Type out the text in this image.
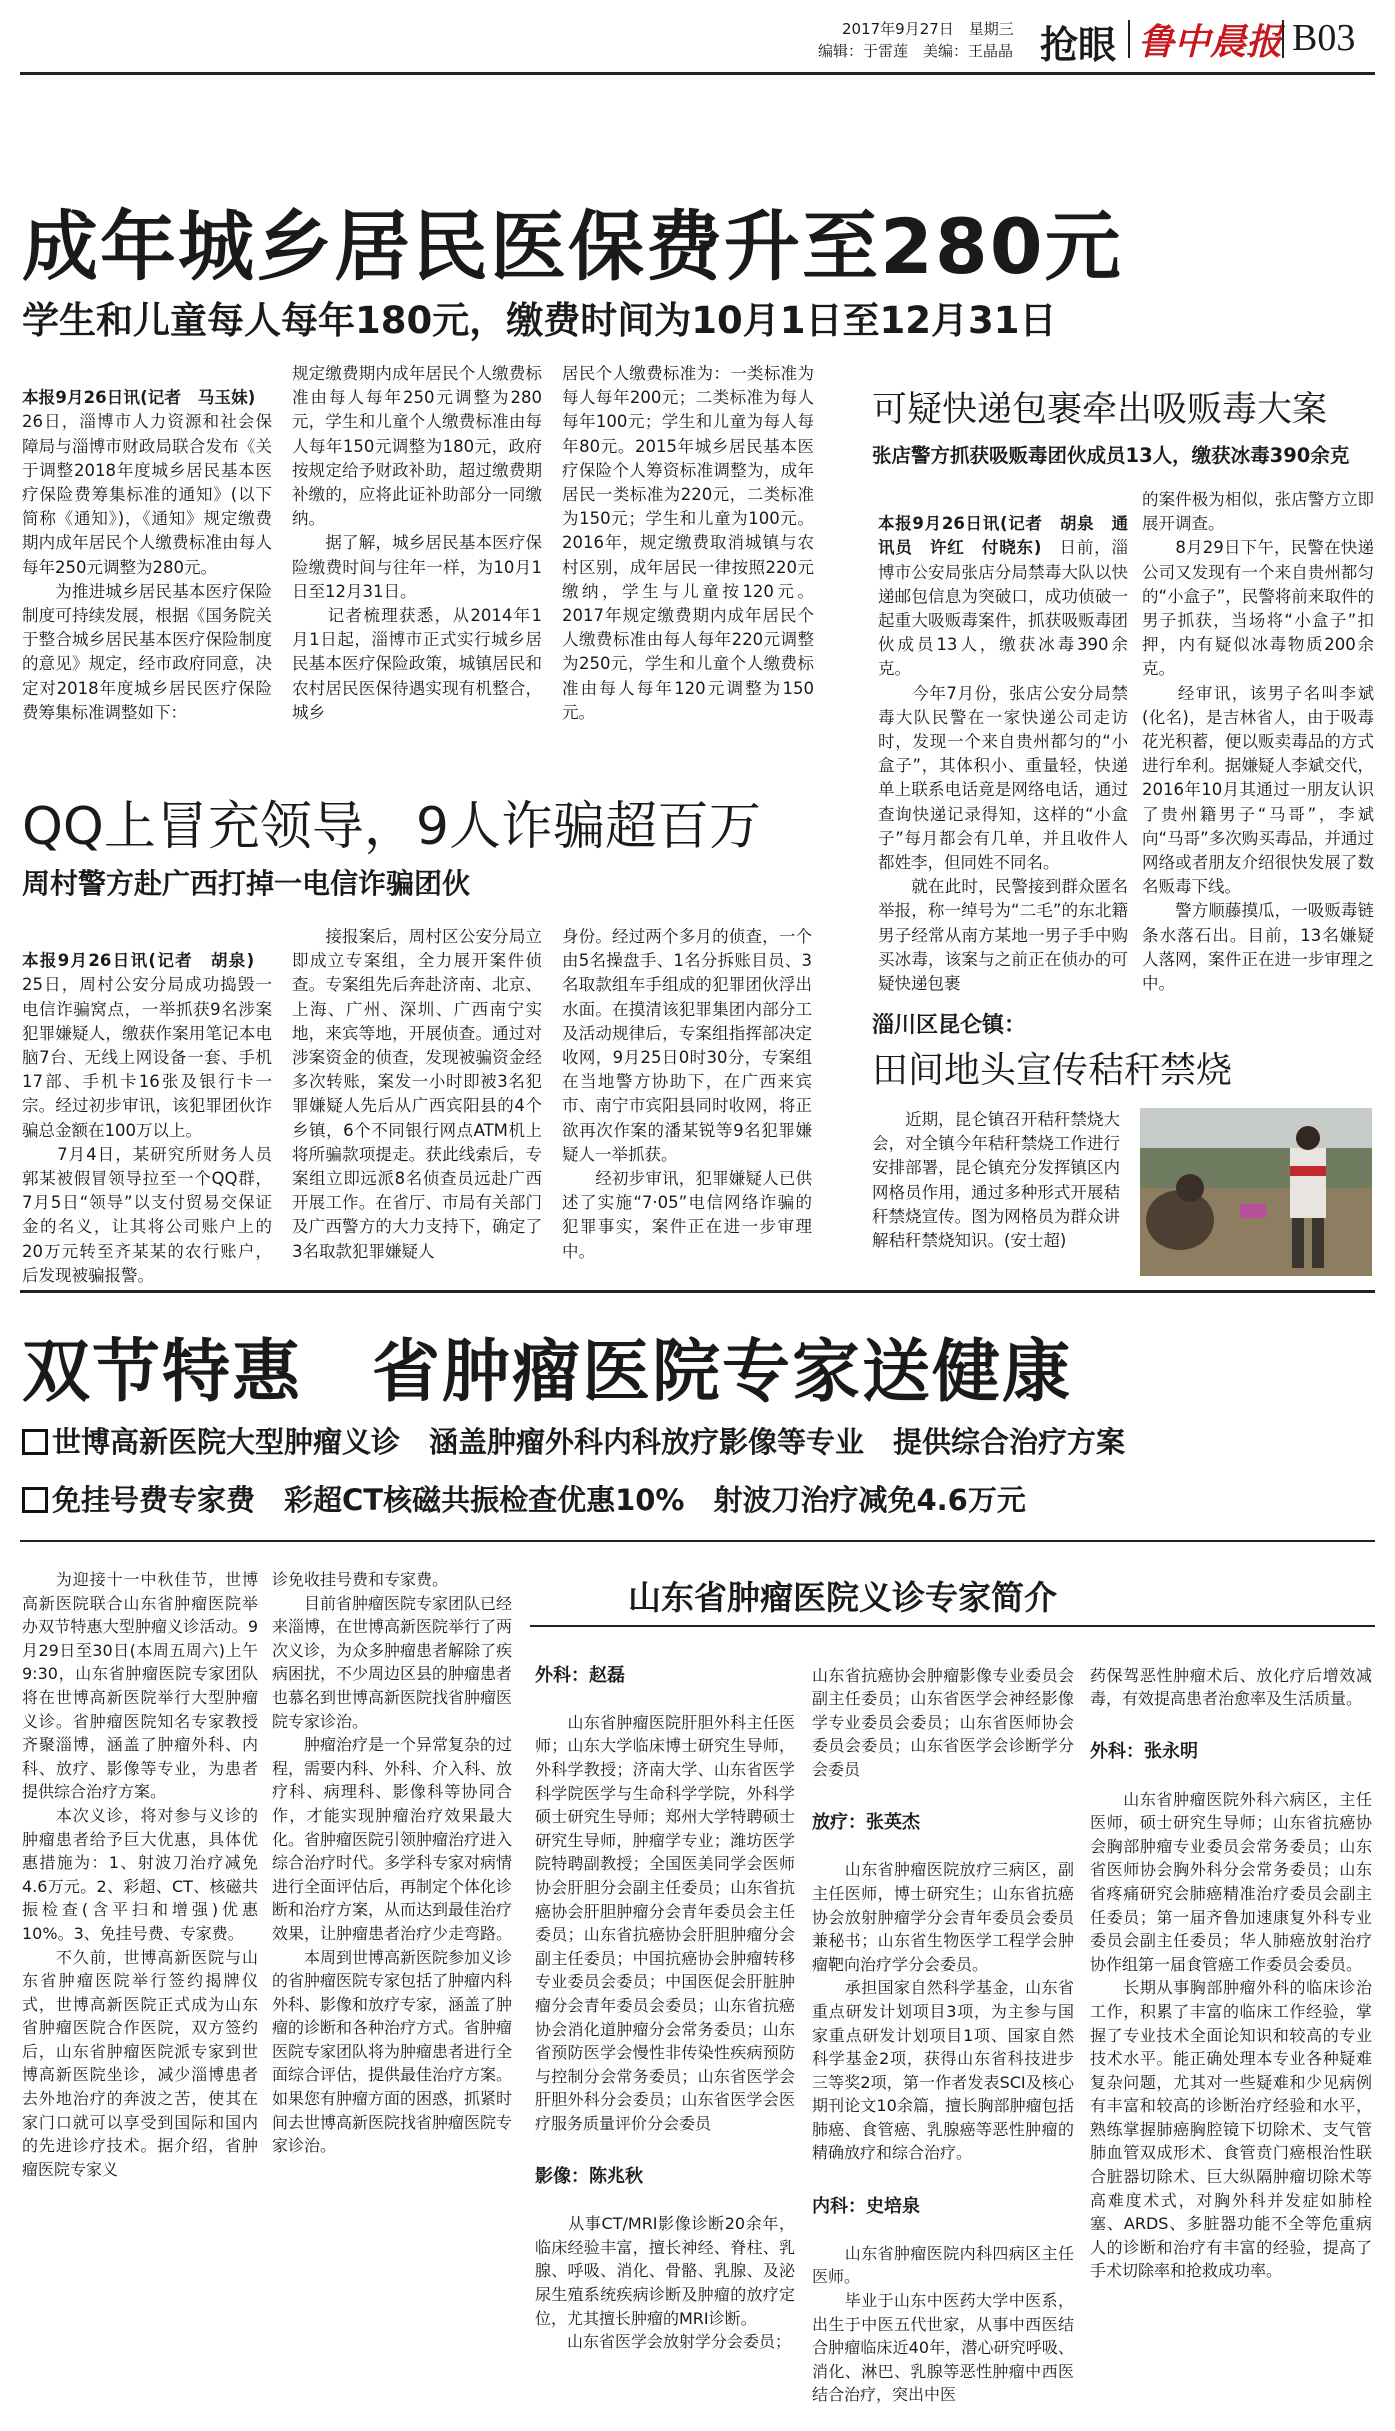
2017年9月27日　星期三
编辑：于雷莲　美编：王晶晶 抢眼 鲁中晨报 B03
成年城乡居民医保费升至280元
学生和儿童每人每年180元，缴费时间为10月1日至12月31日

本报9月26日讯(记者　马玉妹)　26日，淄博市人力资源和社会保障局与淄博市财政局联合发布《关于调整2018年度城乡居民基本医疗保险费筹集标准的通知》(以下简称《通知》)，《通知》规定缴费期内成年居民个人缴费标准由每人每年250元调整为280元。
　　为推进城乡居民基本医疗保险制度可持续发展，根据《国务院关于整合城乡居民基本医疗保险制度的意见》规定，经市政府同意，决定对2018年度城乡居民医疗保险费筹集标准调整如下：

规定缴费期内成年居民个人缴费标准由每人每年250元调整为280元，学生和儿童个人缴费标准由每人每年150元调整为180元，政府按规定给予财政补助，超过缴费期补缴的，应将此证补助部分一同缴纳。
　　据了解，城乡居民基本医疗保险缴费时间与往年一样，为10月1日至12月31日。
　　记者梳理获悉，从2014年1月1日起，淄博市正式实行城乡居民基本医疗保险政策，城镇居民和农村居民医保待遇实现有机整合，城乡
居民个人缴费标准为：一类标准为每人每年200元；二类标准为每人每年100元；学生和儿童为每人每年80元。2015年城乡居民基本医疗保险个人筹资标准调整为，成年居民一类标准为220元，二类标准为150元；学生和儿童为100元。2016年，规定缴费取消城镇与农村区别，成年居民一律按照220元缴纳，学生与儿童按120元。2017年规定缴费期内成年居民个人缴费标准由每人每年220元调整为250元，学生和儿童个人缴费标准由每人每年120元调整为150元。
可疑快递包裹牵出吸贩毒大案
张店警方抓获吸贩毒团伙成员13人，缴获冰毒390余克

本报9月26日讯(记者　胡泉　通讯员　许红　付晓东)　日前，淄博市公安局张店分局禁毒大队以快递邮包信息为突破口，成功侦破一起重大吸贩毒案件，抓获吸贩毒团伙成员13人，缴获冰毒390余克。
　　今年7月份，张店公安分局禁毒大队民警在一家快递公司走访时，发现一个来自贵州都匀的“小盒子”，其体积小、重量轻，快递单上联系电话竟是网络电话，通过查询快递记录得知，这样的“小盒子”每月都会有几单，并且收件人都姓李，但同姓不同名。
　　就在此时，民警接到群众匿名举报，称一绰号为“二毛”的东北籍男子经常从南方某地一男子手中购买冰毒，该案与之前正在侦办的可疑快递包裹

的案件极为相似，张店警方立即展开调查。
　　8月29日下午，民警在快递公司又发现有一个来自贵州都匀的“小盒子”，民警将前来取件的男子抓获，当场将“小盒子”扣押，内有疑似冰毒物质200余克。
　　经审讯，该男子名叫李斌(化名)，是吉林省人，由于吸毒花光积蓄，便以贩卖毒品的方式进行牟利。据嫌疑人李斌交代，2016年10月其通过一朋友认识了贵州籍男子“马哥”，李斌向“马哥”多次购买毒品，并通过网络或者朋友介绍很快发展了数名贩毒下线。
　　警方顺藤摸瓜，一吸贩毒链条水落石出。目前，13名嫌疑人落网，案件正在进一步审理之中。
QQ上冒充领导，9人诈骗超百万
周村警方赴广西打掉一电信诈骗团伙

本报9月26日讯(记者　胡泉)　25日，周村公安分局成功捣毁一电信诈骗窝点，一举抓获9名涉案犯罪嫌疑人，缴获作案用笔记本电脑7台、无线上网设备一套、手机17部、手机卡16张及银行卡一宗。经过初步审讯，该犯罪团伙诈骗总金额在100万以上。
　　7月4日，某研究所财务人员郭某被假冒领导拉至一个QQ群，7月5日“领导”以支付贸易交保证金的名义，让其将公司账户上的20万元转至齐某某的农行账户，后发现被骗报警。

　　接报案后，周村区公安分局立即成立专案组，全力展开案件侦查。专案组先后奔赴济南、北京、上海、广州、深圳、广西南宁实地，来宾等地，开展侦查。通过对涉案资金的侦查，发现被骗资金经多次转账，案发一小时即被3名犯罪嫌疑人先后从广西宾阳县的4个乡镇，6个不同银行网点ATM机上将所骗款项提走。获此线索后，专案组立即远派8名侦查员远赴广西开展工作。在省厅、市局有关部门及广西警方的大力支持下，确定了3名取款犯罪嫌疑人
身份。经过两个多月的侦查，一个由5名操盘手、1名分拆账目员、3名取款组车手组成的犯罪团伙浮出水面。在摸清该犯罪集团内部分工及活动规律后，专案组指挥部决定收网，9月25日0时30分，专案组在当地警方协助下，在广西来宾市、南宁市宾阳县同时收网，将正欲再次作案的潘某锐等9名犯罪嫌疑人一举抓获。
　　经初步审讯，犯罪嫌疑人已供述了实施“7·05”电信网络诈骗的犯罪事实，案件正在进一步审理中。
淄川区昆仑镇：
田间地头宣传秸秆禁烧
　　近期，昆仑镇召开秸秆禁烧大会，对全镇今年秸秆禁烧工作进行安排部署，昆仑镇充分发挥镇区内网格员作用，通过多种形式开展秸秆禁烧宣传。图为网格员为群众讲解秸秆禁烧知识。(安士超)
双节特惠　省肿瘤医院专家送健康
世博高新医院大型肿瘤义诊　涵盖肿瘤外科内科放疗影像等专业　提供综合治疗方案
免挂号费专家费　彩超CT核磁共振检查优惠10%　射波刀治疗减免4.6万元
　　为迎接十一中秋佳节，世博高新医院联合山东省肿瘤医院举办双节特惠大型肿瘤义诊活动。9月29日至30日(本周五周六)上午9:30，山东省肿瘤医院专家团队将在世博高新医院举行大型肿瘤义诊。省肿瘤医院知名专家教授齐聚淄博，涵盖了肿瘤外科、内科、放疗、影像等专业，为患者提供综合治疗方案。
　　本次义诊，将对参与义诊的肿瘤患者给予巨大优惠，具体优惠措施为：1、射波刀治疗减免4.6万元。2、彩超、CT、核磁共振检查(含平扫和增强)优惠10%。3、免挂号费、专家费。
　　不久前，世博高新医院与山东省肿瘤医院举行签约揭牌仪式，世博高新医院正式成为山东省肿瘤医院合作医院，双方签约后，山东省肿瘤医院派专家到世博高新医院坐诊，减少淄博患者去外地治疗的奔波之苦，使其在家门口就可以享受到国际和国内的先进诊疗技术。据介绍，省肿瘤医院专家义
诊免收挂号费和专家费。
　　目前省肿瘤医院专家团队已经来淄博，在世博高新医院举行了两次义诊，为众多肿瘤患者解除了疾病困扰，不少周边区县的肿瘤患者也慕名到世博高新医院找省肿瘤医院专家诊治。
　　肿瘤治疗是一个异常复杂的过程，需要内科、外科、介入科、放疗科、病理科、影像科等协同合作，才能实现肿瘤治疗效果最大化。省肿瘤医院引领肿瘤治疗进入综合治疗时代。多学科专家对病情进行全面评估后，再制定个体化诊断和治疗方案，从而达到最佳治疗效果，让肿瘤患者治疗少走弯路。
　　本周到世博高新医院参加义诊的省肿瘤医院专家包括了肿瘤内科外科、影像和放疗专家，涵盖了肿瘤的诊断和各种治疗方式。省肿瘤医院专家团队将为肿瘤患者进行全面综合评估，提供最佳治疗方案。如果您有肿瘤方面的困惑，抓紧时间去世博高新医院找省肿瘤医院专家诊治。
山东省肿瘤医院义诊专家简介

外科：赵磊

　　山东省肿瘤医院肝胆外科主任医师；山东大学临床博士研究生导师，外科学教授；济南大学、山东省医学科学院医学与生命科学学院，外科学硕士研究生导师；郑州大学特聘硕士研究生导师，肿瘤学专业；潍坊医学院特聘副教授；全国医美同学会医师协会肝胆分会副主任委员；山东省抗癌协会肝胆肿瘤分会青年委员会主任委员；山东省抗癌协会肝胆肿瘤分会副主任委员；中国抗癌协会肿瘤转移专业委员会委员；中国医促会肝脏肿瘤分会青年委员会委员；山东省抗癌协会消化道肿瘤分会常务委员；山东省预防医学会慢性非传染性疾病预防与控制分会常务委员；山东省医学会肝胆外科分会委员；山东省医学会医疗服务质量评价分会委员

影像：陈兆秋

　　从事CT/MRI影像诊断20余年，临床经验丰富，擅长神经、脊柱、乳腺、呼吸、消化、骨骼、乳腺、及泌尿生殖系统疾病诊断及肿瘤的放疗定位，尤其擅长肿瘤的MRI诊断。
　　山东省医学会放射学分会委员；

山东省抗癌协会肿瘤影像专业委员会副主任委员；山东省医学会神经影像学专业委员会委员；山东省医师协会委员会委员；山东省医学会诊断学分会委员

放疗：张英杰

　　山东省肿瘤医院放疗三病区，副主任医师，博士研究生；山东省抗癌协会放射肿瘤学分会青年委员会委员兼秘书；山东省生物医学工程学会肿瘤靶向治疗学分会委员。
　　承担国家自然科学基金，山东省重点研发计划项目3项，为主参与国家重点研发计划项目1项、国家自然科学基金2项，获得山东省科技进步三等奖2项，第一作者发表SCI及核心期刊论文10余篇，擅长胸部肿瘤包括肺癌、食管癌、乳腺癌等恶性肿瘤的精确放疗和综合治疗。

内科：史培泉

　　山东省肿瘤医院内科四病区主任医师。
　　毕业于山东中医药大学中医系，出生于中医五代世家，从事中西医结合肿瘤临床近40年，潜心研究呼吸、消化、淋巴、乳腺等恶性肿瘤中西医结合治疗，突出中医

药保驾恶性肿瘤术后、放化疗后增效减毒，有效提高患者治愈率及生活质量。

外科：张永明

　　山东省肿瘤医院外科六病区，主任医师，硕士研究生导师；山东省抗癌协会胸部肿瘤专业委员会常务委员；山东省医师协会胸外科分会常务委员；山东省疼痛研究会肺癌精准治疗委员会副主任委员；第一届齐鲁加速康复外科专业委员会副主任委员；华人肺癌放射治疗协作组第一届食管癌工作委员会委员。
　　长期从事胸部肿瘤外科的临床诊治工作，积累了丰富的临床工作经验，掌握了专业技术全面论知识和较高的专业技术水平。能正确处理本专业各种疑难复杂问题，尤其对一些疑难和少见病例有丰富和较高的诊断治疗经验和水平，熟练掌握肺癌胸腔镜下切除术、支气管肺血管双成形术、食管贲门癌根治性联合脏器切除术、巨大纵隔肿瘤切除术等高难度术式，对胸外科并发症如肺栓塞、ARDS、多脏器功能不全等危重病人的诊断和治疗有丰富的经验，提高了手术切除率和抢救成功率。
